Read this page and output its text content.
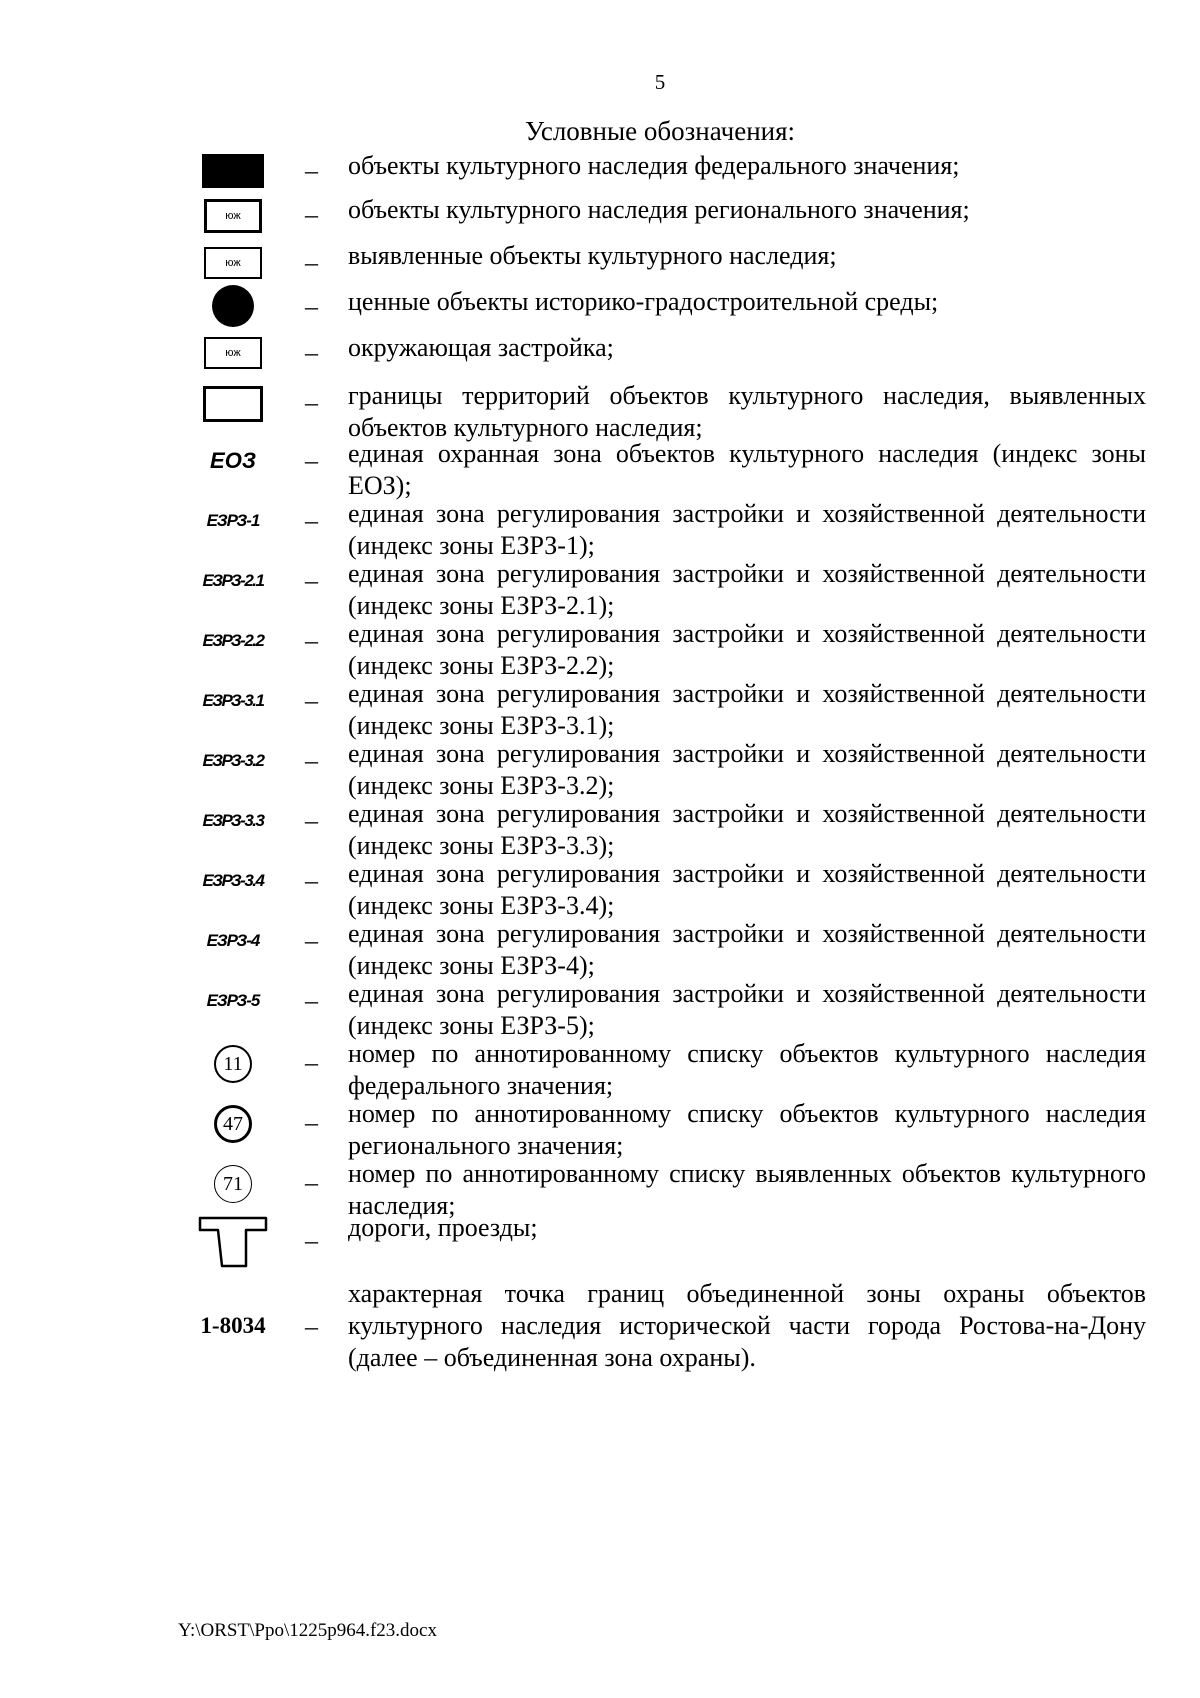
5
Условные обозначения:
– объекты культурного наследия федерального значения;
юж – объекты культурного наследия регионального значения;
юж – выявленные объекты культурного наследия;
– ценные объекты историко-градостроительной среды;
юж – окружающая застройка;
– границы территорий объектов культурного наследия, выявленных объектов культурного наследия;
ЕОЗ – единая охранная зона объектов культурного наследия (индекс зоны ЕОЗ);
ЕЗРЗ-1 – единая зона регулирования застройки и хозяйственной деятельности (индекс зоны ЕЗРЗ-1);
ЕЗРЗ-2.1 – единая зона регулирования застройки и хозяйственной деятельности (индекс зоны ЕЗРЗ-2.1);
ЕЗРЗ-2.2 – единая зона регулирования застройки и хозяйственной деятельности (индекс зоны ЕЗРЗ-2.2);
ЕЗРЗ-3.1 – единая зона регулирования застройки и хозяйственной деятельности (индекс зоны ЕЗРЗ-3.1);
ЕЗРЗ-3.2 – единая зона регулирования застройки и хозяйственной деятельности (индекс зоны ЕЗРЗ-3.2);
ЕЗРЗ-3.3 – единая зона регулирования застройки и хозяйственной деятельности (индекс зоны ЕЗРЗ-3.3);
ЕЗРЗ-3.4 – единая зона регулирования застройки и хозяйственной деятельности (индекс зоны ЕЗРЗ-3.4);
ЕЗРЗ-4 – единая зона регулирования застройки и хозяйственной деятельности (индекс зоны ЕЗРЗ-4);
ЕЗРЗ-5 – единая зона регулирования застройки и хозяйственной деятельности (индекс зоны ЕЗРЗ-5);
11 – номер по аннотированному списку объектов культурного наследия федерального значения;
47 – номер по аннотированному списку объектов культурного наследия регионального значения;
71 – номер по аннотированному списку выявленных объектов культурного наследия;
– дороги, проезды;
1-8034 –
характерная точка границ объединенной зоны охраны объектов культурного наследия исторической части города Ростова-на-Дону (далее – объединенная зона охраны).
Y:\ORST\Ppo\1225p964.f23.docx
